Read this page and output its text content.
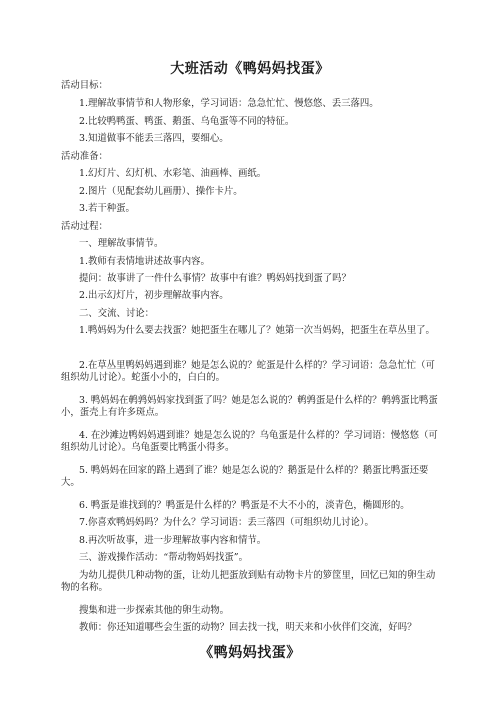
大班活动《鸭妈妈找蛋》
活动目标：
1.理解故事情节和人物形象，学习词语：急急忙忙、慢悠悠、丢三落四。
2.比较鸭鸭蛋、鸭蛋、鹅蛋、乌龟蛋等不同的特征。
3.知道做事不能丢三落四，要细心。
活动准备：
1.幻灯片、幻灯机、水彩笔、油画棒、画纸。
2.图片（见配套幼儿画册）、操作卡片。
3.若干种蛋。
活动过程：
一、理解故事情节。
1.教师有表情地讲述故事内容。
提问：故事讲了一件什么事情？故事中有谁？鸭妈妈找到蛋了吗？
2.出示幻灯片，初步理解故事内容。
二、交流、讨论：
1.鸭妈妈为什么要去找蛋？她把蛋生在哪儿了？她第一次当妈妈，把蛋生在草丛里了。
2.在草丛里鸭妈妈遇到谁？她是怎么说的？蛇蛋是什么样的？学习词语：急急忙忙（可组织幼儿讨论）。蛇蛋小小的，白白的。
3. 鸭妈妈在鹌鹑妈妈家找到蛋了吗？她是怎么说的？鹌鹑蛋是什么样的？鹌鹑蛋比鸭蛋小，蛋壳上有许多斑点。
4. 在沙滩边鸭妈妈遇到谁？她是怎么说的？乌龟蛋是什么样的？学习词语：慢悠悠（可组织幼儿讨论）。乌龟蛋要比鸭蛋小得多。
5. 鸭妈妈在回家的路上遇到了谁？她是怎么说的？鹅蛋是什么样的？鹅蛋比鸭蛋还要大。
6. 鸭蛋是谁找到的？鸭蛋是什么样的？鸭蛋是不大不小的，淡青色，椭圆形的。
7.你喜欢鸭妈妈吗？为什么？学习词语：丢三落四（可组织幼儿讨论）。
8.再次听故事，进一步理解故事内容和情节。
三、游戏操作活动：“帮动物妈妈找蛋”。
为幼儿提供几种动物的蛋，让幼儿把蛋放到贴有动物卡片的箩筐里，回忆已知的卵生动物的名称。
搜集和进一步探索其他的卵生动物。
教师：你还知道哪些会生蛋的动物？回去找一找，明天来和小伙伴们交流，好吗？
《鸭妈妈找蛋》
